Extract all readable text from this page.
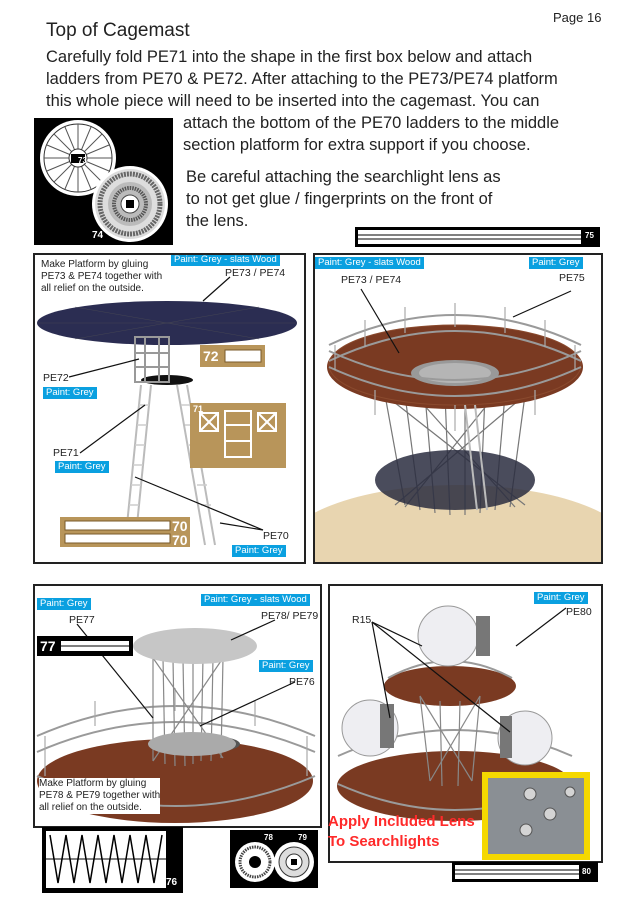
Page 16
Top of Cagemast
Carefully fold PE71 into the shape in the first box below and attach
ladders from PE70 & PE72. After attaching to the PE73/PE74 platform
this whole piece will need to be inserted into the cagemast. You can
attach the bottom of the PE70 ladders to the middle
section platform for extra support if you choose.
Be careful attaching the searchlight lens as
to not get glue / fingerprints on the front of
the lens.
73
74	75
Make Platform by gluing
PE73 & PE74 together with
all relief on the outside.
Paint: Grey - slats Wood
PE73 / PE74
72
71
70
70
PE72
Paint: Grey
PE71
Paint: Grey
PE70
Paint: Grey
Paint: Grey - slats Wood
PE73 / PE74
Paint: Grey
PE75
Paint: Grey
PE77
77
Paint: Grey - slats Wood
PE78/ PE79
Paint: Grey
PE76
Make Platform by gluing
PE78 & PE79 together with
all relief on the outside.
Paint: Grey
PE80
R15
Apply Included Lens
To Searchlights
76
78	79
80
